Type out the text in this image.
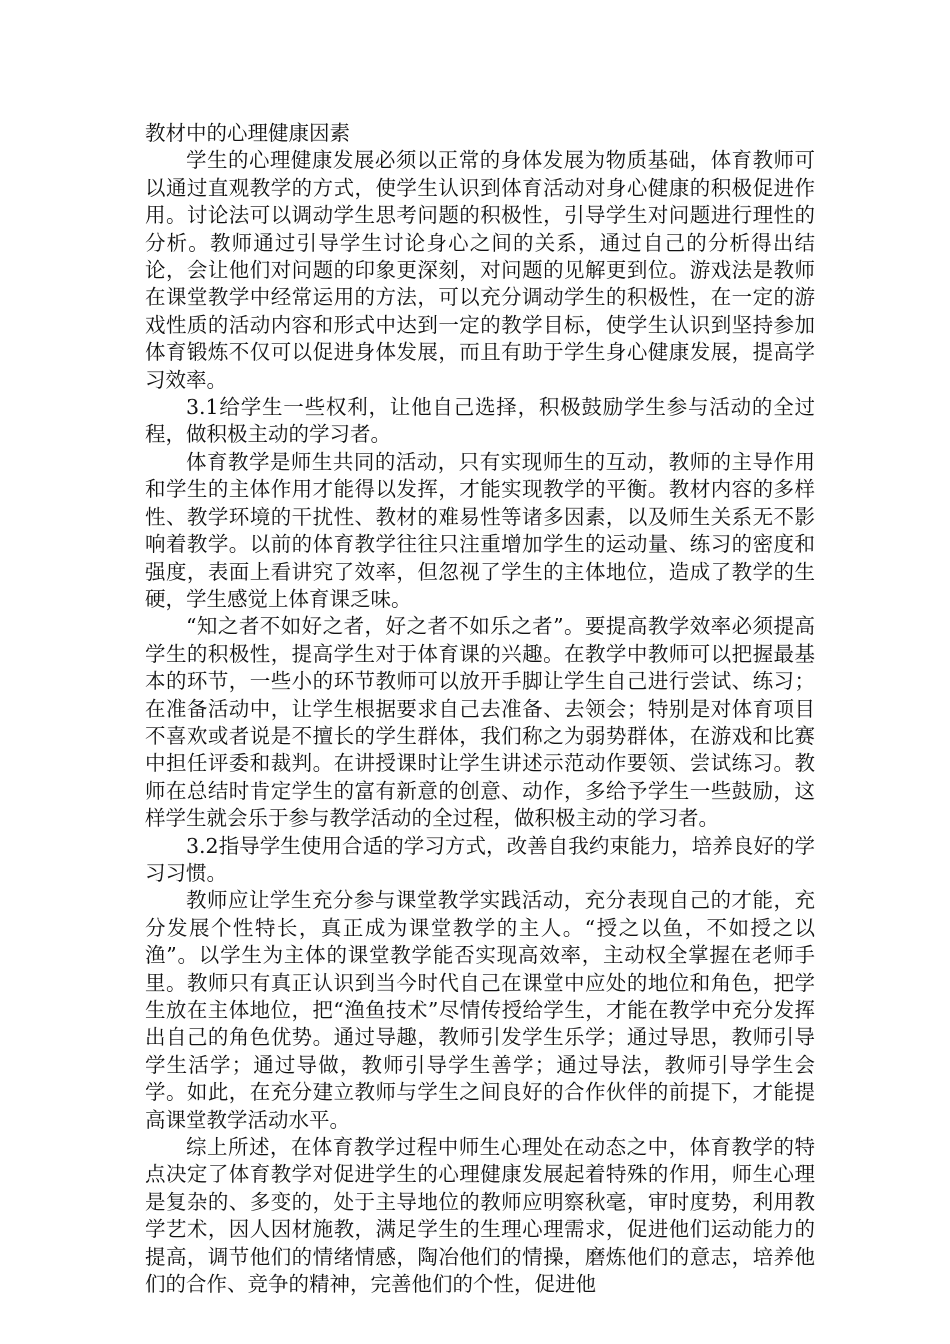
教材中的心理健康因素

学生的心理健康发展必须以正常的身体发展为物质基础，体育教师可以通过直观教学的方式，使学生认识到体育活动对身心健康的积极促进作用。讨论法可以调动学生思考问题的积极性，引导学生对问题进行理性的分析。教师通过引导学生讨论身心之间的关系，通过自己的分析得出结论，会让他们对问题的印象更深刻，对问题的见解更到位。游戏法是教师在课堂教学中经常运用的方法，可以充分调动学生的积极性，在一定的游戏性质的活动内容和形式中达到一定的教学目标，使学生认识到坚持参加体育锻炼不仅可以促进身体发展，而且有助于学生身心健康发展，提高学习效率。

3.1给学生一些权利，让他自己选择，积极鼓励学生参与活动的全过程，做积极主动的学习者。

体育教学是师生共同的活动，只有实现师生的互动，教师的主导作用和学生的主体作用才能得以发挥，才能实现教学的平衡。教材内容的多样性、教学环境的干扰性、教材的难易性等诸多因素，以及师生关系无不影响着教学。以前的体育教学往往只注重增加学生的运动量、练习的密度和强度，表面上看讲究了效率，但忽视了学生的主体地位，造成了教学的生硬，学生感觉上体育课乏味。

“知之者不如好之者，好之者不如乐之者”。要提高教学效率必须提高学生的积极性，提高学生对于体育课的兴趣。在教学中教师可以把握最基本的环节，一些小的环节教师可以放开手脚让学生自己进行尝试、练习；在准备活动中，让学生根据要求自己去准备、去领会；特别是对体育项目不喜欢或者说是不擅长的学生群体，我们称之为弱势群体，在游戏和比赛中担任评委和裁判。在讲授课时让学生讲述示范动作要领、尝试练习。教师在总结时肯定学生的富有新意的创意、动作，多给予学生一些鼓励，这样学生就会乐于参与教学活动的全过程，做积极主动的学习者。

3.2指导学生使用合适的学习方式，改善自我约束能力，培养良好的学习习惯。

教师应让学生充分参与课堂教学实践活动，充分表现自己的才能，充分发展个性特长，真正成为课堂教学的主人。“授之以鱼，不如授之以渔”。以学生为主体的课堂教学能否实现高效率，主动权全掌握在老师手里。教师只有真正认识到当今时代自己在课堂中应处的地位和角色，把学生放在主体地位，把“渔鱼技术”尽情传授给学生，才能在教学中充分发挥出自己的角色优势。通过导趣，教师引发学生乐学；通过导思，教师引导学生活学；通过导做，教师引导学生善学；通过导法，教师引导学生会学。如此，在充分建立教师与学生之间良好的合作伙伴的前提下，才能提高课堂教学活动水平。

综上所述，在体育教学过程中师生心理处在动态之中，体育教学的特点决定了体育教学对促进学生的心理健康发展起着特殊的作用，师生心理是复杂的、多变的，处于主导地位的教师应明察秋毫，审时度势，利用教学艺术，因人因材施教，满足学生的生理心理需求，促进他们运动能力的提高，调节他们的情绪情感，陶冶他们的情操，磨炼他们的意志，培养他们的合作、竞争的精神，完善他们的个性，促进他
